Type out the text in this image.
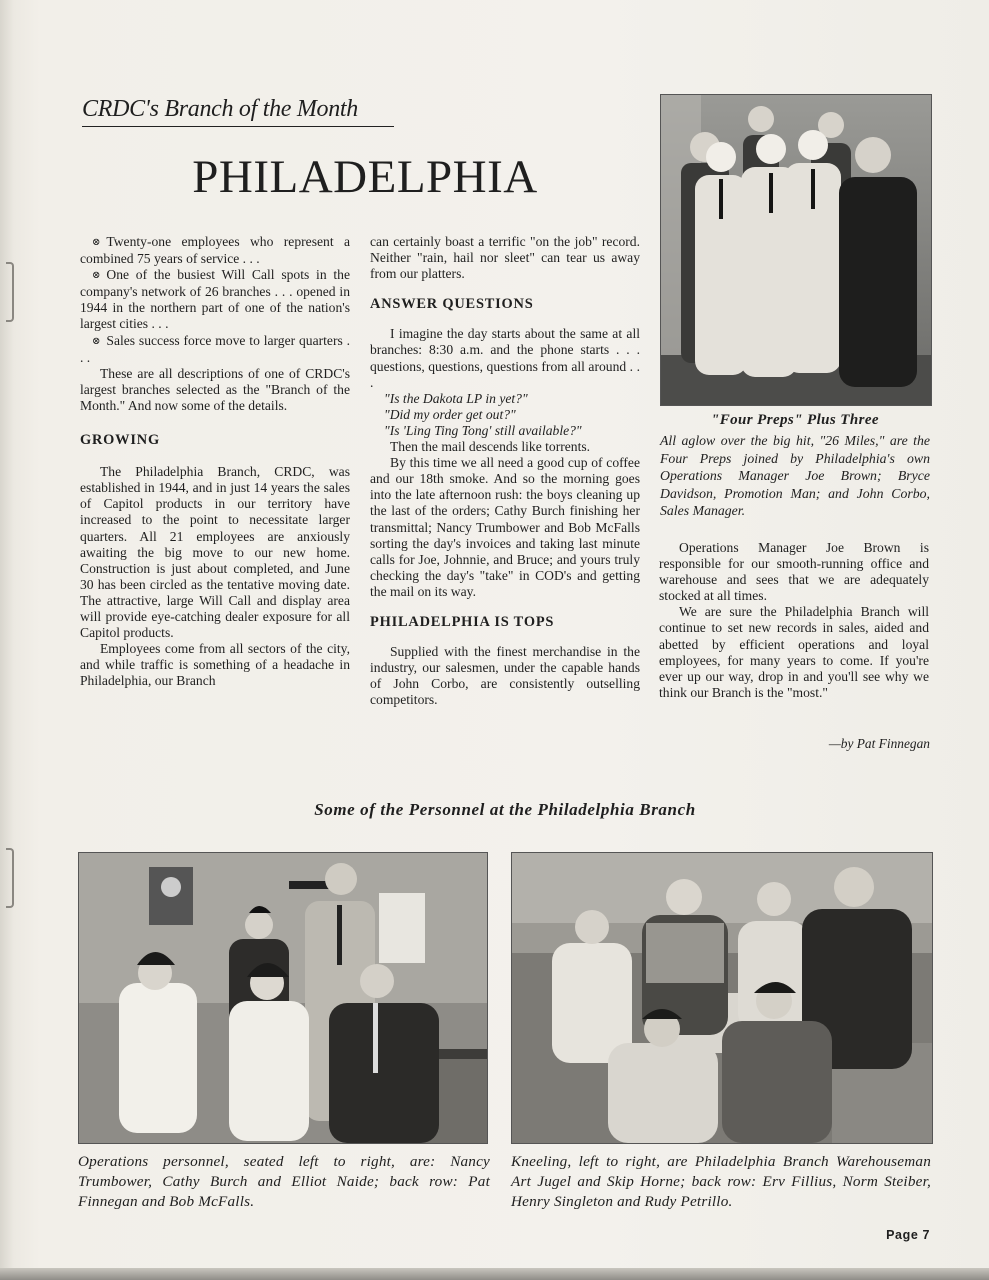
CRDC's Branch of the Month
PHILADELPHIA

⊗ Twenty-one employees who represent a combined 75 years of service . . .

⊗ One of the busiest Will Call spots in the company's network of 26 branches . . . opened in 1944 in the northern part of one of the nation's largest cities . . .

⊗ Sales success force move to larger quarters . . .

These are all descriptions of one of CRDC's largest branches selected as the "Branch of the Month." And now some of the details.

GROWING

The Philadelphia Branch, CRDC, was established in 1944, and in just 14 years the sales of Capitol products in our territory have increased to the point to necessitate larger quarters. All 21 employees are anxiously awaiting the big move to our new home. Construction is just about completed, and June 30 has been circled as the tentative moving date. The attractive, large Will Call and display area will provide eye-catching dealer exposure for all Capitol products.

Employees come from all sectors of the city, and while traffic is something of a headache in Philadelphia, our Branch

can certainly boast a terrific "on the job" record. Neither "rain, hail nor sleet" can tear us away from our platters.

ANSWER QUESTIONS

I imagine the day starts about the same at all branches: 8:30 a.m. and the phone starts . . . questions, questions, questions from all around . . .

"Is the Dakota LP in yet?"

"Did my order get out?"

"Is 'Ling Ting Tong' still available?"

Then the mail descends like torrents.

By this time we all need a good cup of coffee and our 18th smoke. And so the morning goes into the late afternoon rush: the boys cleaning up the last of the orders; Cathy Burch finishing her transmittal; Nancy Trumbower and Bob McFalls sorting the day's invoices and taking last minute calls for Joe, Johnnie, and Bruce; and yours truly checking the day's "take" in COD's and getting the mail on its way.

PHILADELPHIA IS TOPS

Supplied with the finest merchandise in the industry, our salesmen, under the capable hands of John Corbo, are consistently outselling competitors.

"Four Preps" Plus Three
All aglow over the big hit, "26 Miles," are the Four Preps joined by Philadelphia's own Operations Manager Joe Brown; Bryce Davidson, Promotion Man; and John Corbo, Sales Manager.

Operations Manager Joe Brown is responsible for our smooth-running office and warehouse and sees that we are adequately stocked at all times.

We are sure the Philadelphia Branch will continue to set new records in sales, aided and abetted by efficient operations and loyal employees, for many years to come. If you're ever up our way, drop in and you'll see why we think our Branch is the "most."

—by Pat Finnegan
Some of the Personnel at the Philadelphia Branch
Operations personnel, seated left to right, are: Nancy Trumbower, Cathy Burch and Elliot Naide; back row: Pat Finnegan and Bob McFalls.
Kneeling, left to right, are Philadelphia Branch Warehouseman Art Jugel and Skip Horne; back row: Erv Fillius, Norm Steiber, Henry Singleton and Rudy Petrillo.
Page 7
